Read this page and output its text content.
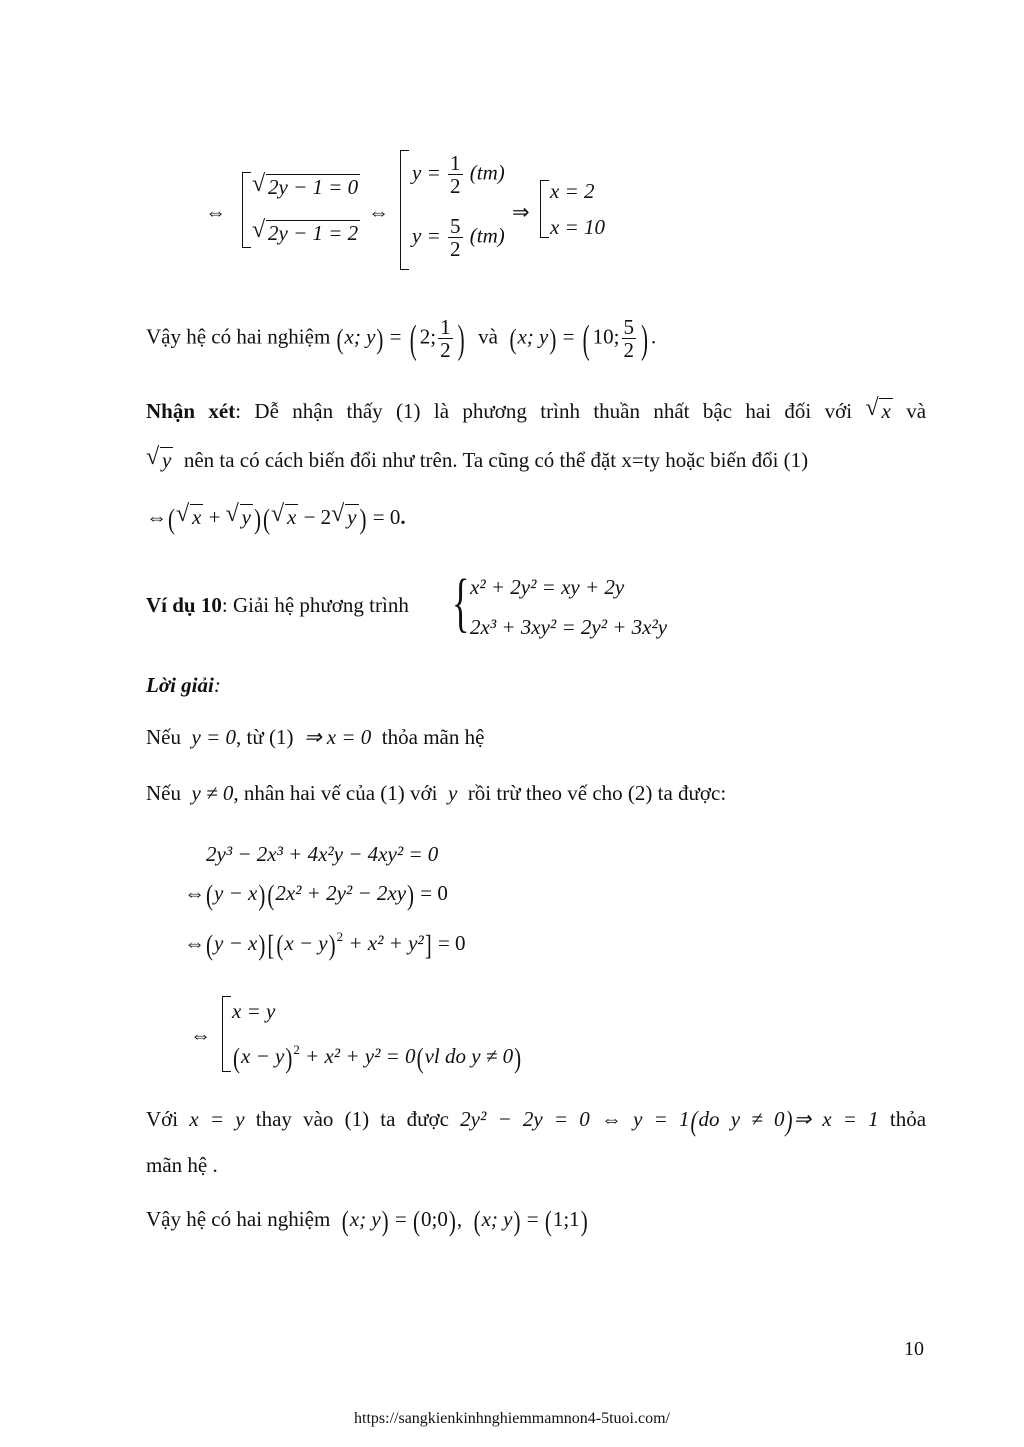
⇔
√ 2y − 1 = 0
√ 2y − 1 = 2
⇔
$y = \frac{1}{2} (tm)$
$y = \frac{5}{2} (tm)$
⇒
x = 2
x = 10
Vậy hệ có hai nghiệm (x; y) = ( 2; $\frac{1}{2}$ ) và (x; y) = ( 10; $\frac{5}{2}$ ) .
Nhận xét: Dễ nhận thấy (1) là phương trình thuần nhất bậc hai đối với √ x và
√ y nên ta có cách biến đổi như trên. Ta cũng có thể đặt x=ty hoặc biến đổi (1)
⇔( √ x + √ y )( √ x − 2 √ y ) = 0.
Ví dụ 10: Giải hệ phương trình { x² + 2y² = xy + 2y
2x³ + 3xy² = 2y² + 3x²y
Lời giải:
Nếu y = 0, từ (1) ⇒ x = 0 thỏa mãn hệ
Nếu y ≠ 0, nhân hai vế của (1) với y rồi trừ theo vế cho (2) ta được:
2y³ − 2x³ + 4x²y − 4xy² = 0
⇔(y − x)(2x² + 2y² − 2xy) = 0
⇔(y − $x)[(x - y)^2 + x^2 + y^2] = 0$
⇔
x = y
$(x - y)^2 + x^2 + y^2 = 0(vl$ do y ≠ 0)
Với x = y thay vào (1) ta được 2y² − 2y = 0 ⇔ y = 1(do y ≠ 0)⇒ x = 1 thỏa
mãn hệ .
Vậy hệ có hai nghiệm (x; y) = (0;0), (x; y) = (1;1)
10
https://sangkienkinhnghiemmamnon4-5tuoi.com/
